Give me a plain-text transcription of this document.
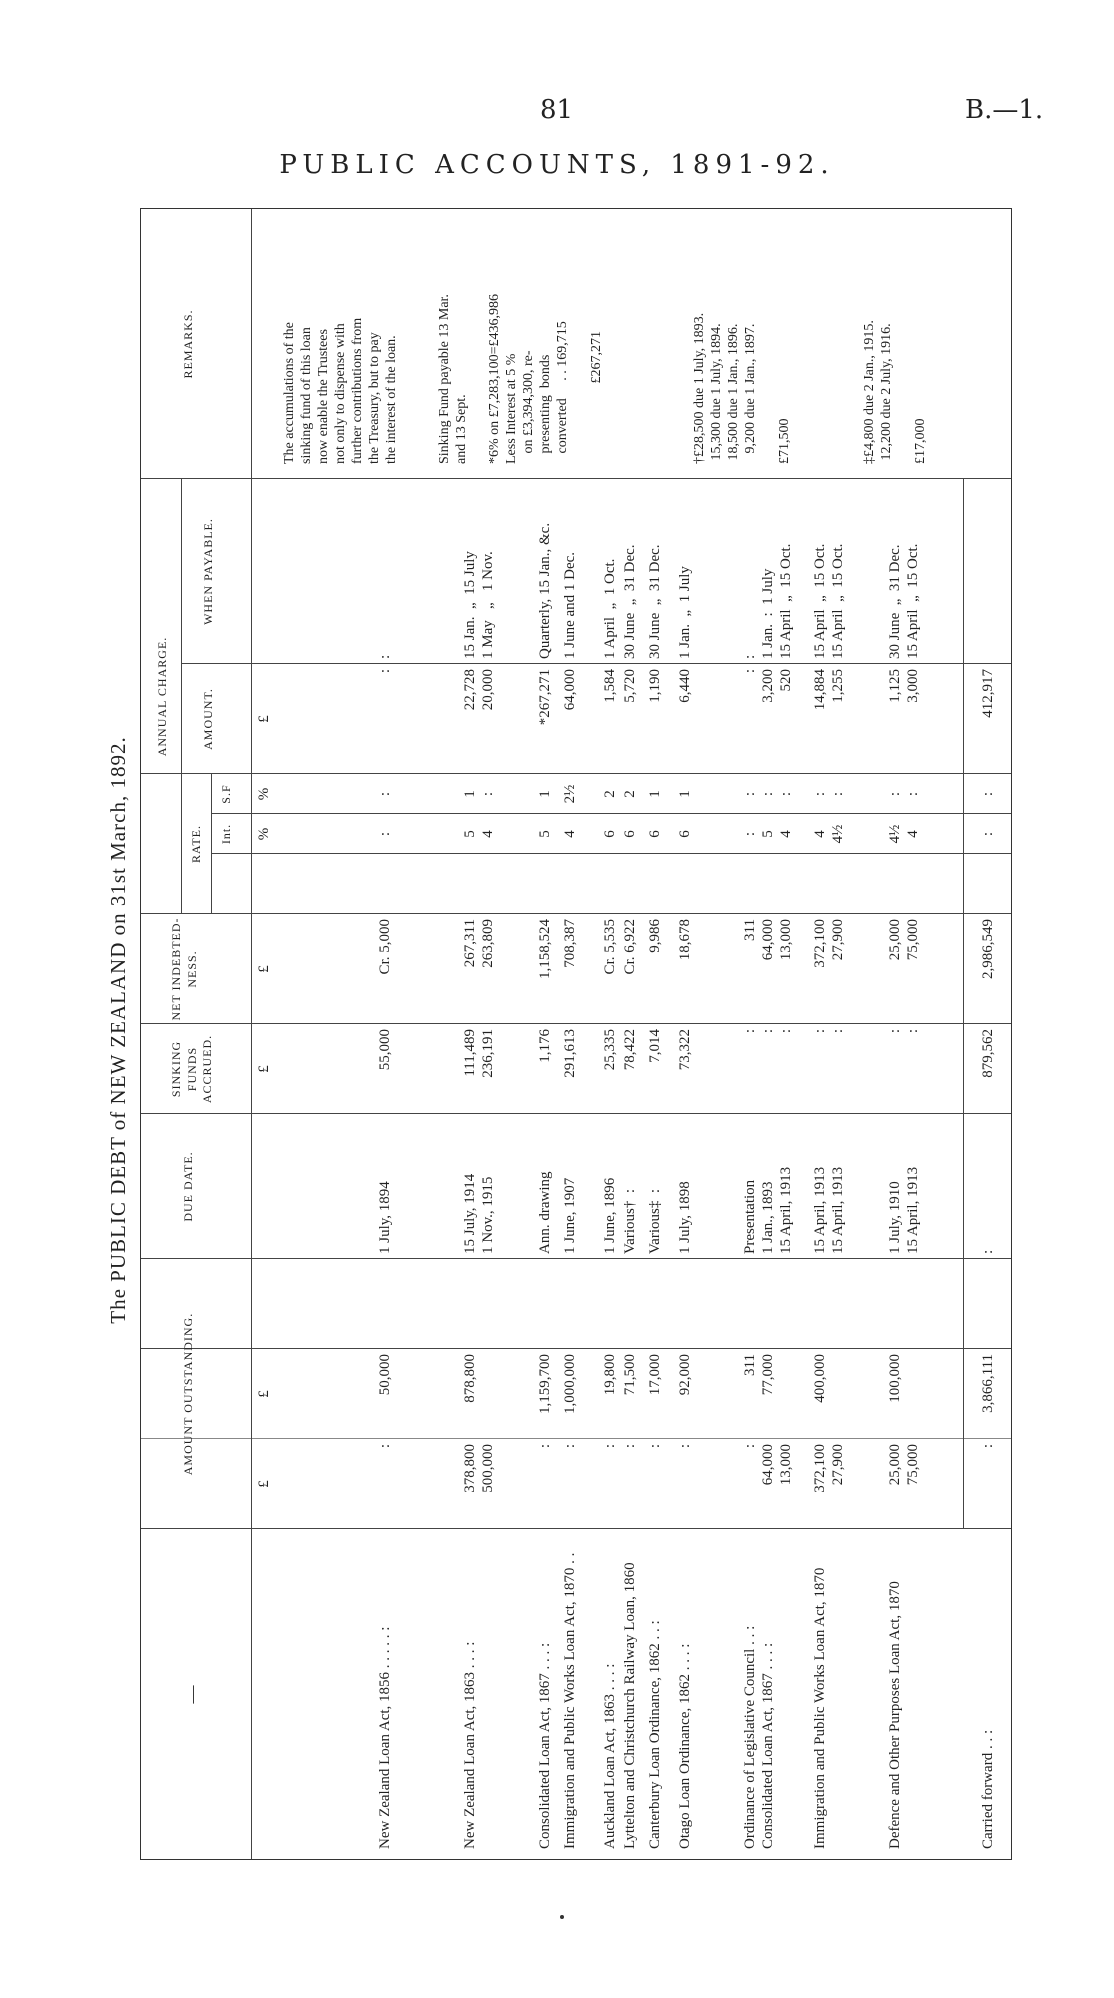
81	B.—1.
PUBLIC ACCOUNTS, 1891-92.
The PUBLIC DEBT of NEW ZEALAND on 31st March, 1892.
—
AMOUNT OUTSTANDING.
DUE DATE.
SINKING FUNDS ACCRUED.
NET INDEBTED-NESS.
ANNUAL CHARGE.
RATE. Int.
S.F
AMOUNT.
WHEN PAYABLE.
REMARKS.
£
£
£
£
%
%
£
New Zealand Loan Act, 1856 . . . . . :
:
50,000
1 July, 1894
55,000
Cr. 5,000
:
:
:
:
New Zealand Loan Act, 1863 . . . :
378,800
500,000
878,800
15 July, 1914
1 Nov., 1915
111,489
236,191
267,311
263,809
5
4
1
:
22,728
20,000
15 Jan.  „  15 July
1 May   „   1 Nov.
Consolidated Loan Act, 1867 . . . :
:
1,159,700
Ann. drawing
1,176
1,158,524
5
1
*267,271
Quarterly, 15 Jan., &c.
Immigration and Public Works Loan Act, 1870 . .
:
1,000,000
1 June, 1907
291,613
708,387
4
2½
64,000
1 June and 1 Dec.
Auckland Loan Act, 1863 . . . :
:
19,800
1 June, 1896
25,335
Cr. 5,535
6
2
1,584
1 April  „  1 Oct.
Lyttelton and Christchurch Railway Loan, 1860
:
71,500
Various†  :
78,422
Cr. 6,922
6
2
5,720
30 June  „  31 Dec.
Canterbury Loan Ordinance, 1862 . . :
:
17,000
Various‡  :
7,014
9,986
6
1
1,190
30 June  „  31 Dec.
Otago Loan Ordinance, 1862 . . . :
:
92,000
1 July, 1898
73,322
18,678
6
1
6,440
1 Jan.  „  1 July
Ordinance of Legislative Council . . :
Consolidated Loan Act, 1867 . . . :
:
64,000
13,000
311
77,000
Presentation
1 Jan., 1893
15 April, 1913
:
:
:
311
64,000
13,000
:
5
4
:
:
:
:
3,200
520
:
1 Jan.  :  1 July
15 April  „  15 Oct.
Immigration and Public Works Loan Act, 1870
372,100
27,900
400,000
15 April, 1913
15 April, 1913
:
:
372,100
27,900
4
4½
:
:
14,884
1,255
15 April  „  15 Oct.
15 April  „  15 Oct.
Defence and Other Purposes Loan Act, 1870
25,000
75,000
100,000
1 July, 1910
15 April, 1913
:
:
25,000
75,000
4½
4
:
:
1,125
3,000
30 June  „  31 Dec.
15 April  „  15 Oct.
Carried forward . . :
:
3,866,111
:
879,562
2,986,549
:
:
412,917
The accumulations of the
sinking fund of this loan
now enable the Trustees
not only to dispense with
further contributions from
the Treasury, but to pay
the interest of the loan.
Sinking Fund payable 13 Mar.
and 13 Sept.
*6% on £7,283,100=£436,986
Less Interest at 5 %
on £3,394,300, re-
presenting  bonds
converted     . . 169,715

£267,271
†£28,500 due 1 July, 1893.
15,300 due 1 July, 1894.
18,500 due 1 Jan., 1896.
9,200 due 1 Jan., 1897.

£71,500	‡£4,800 due 2 Jan., 1915.
12,200 due 2 July, 1916.

£17,000
